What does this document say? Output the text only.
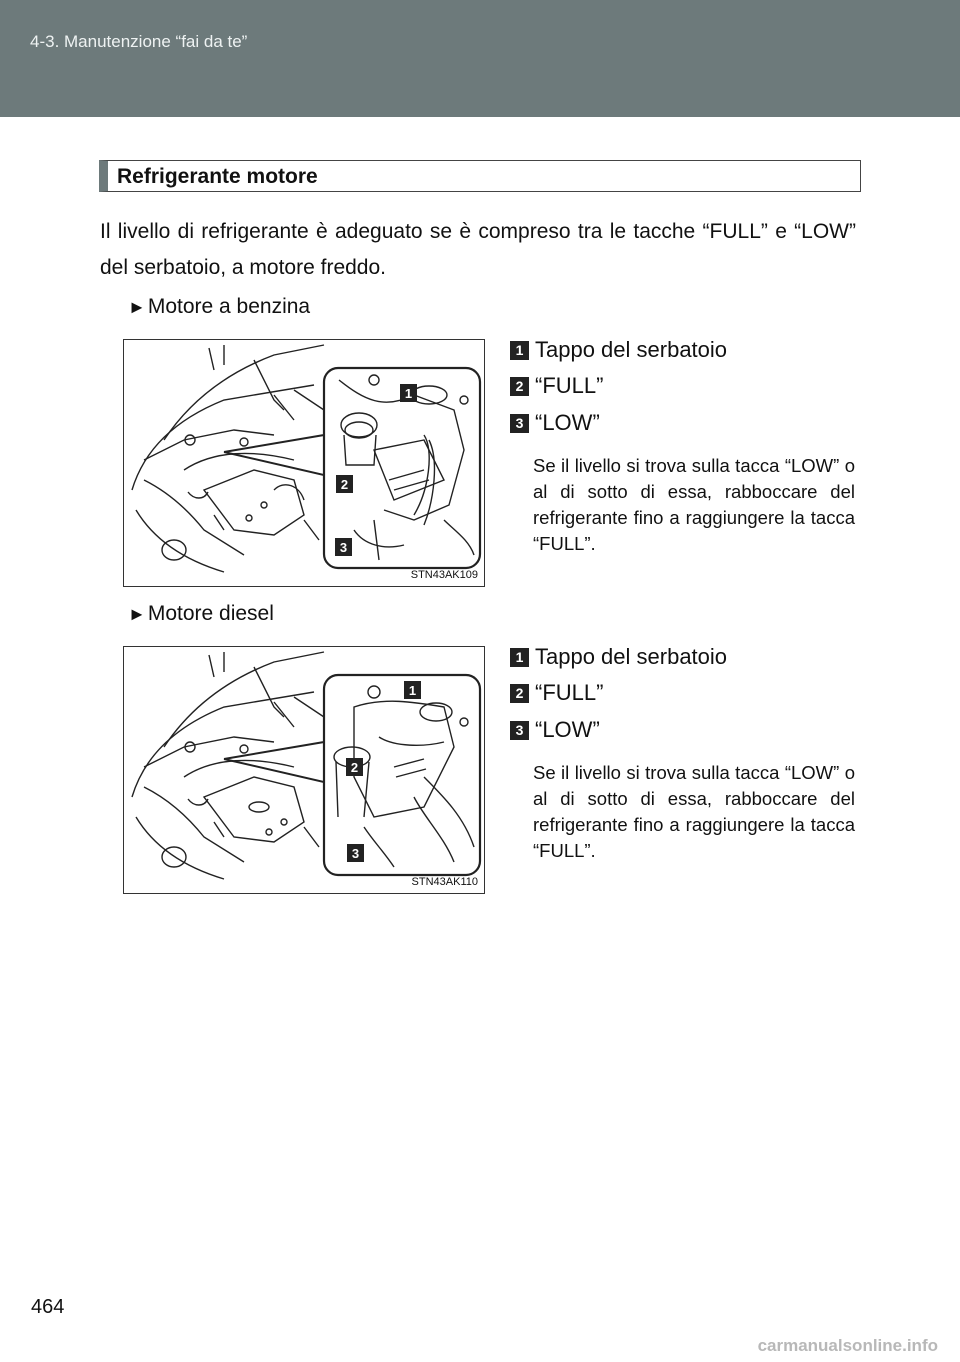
4-3. Manutenzione “fai da te”
Refrigerante motore
Il livello di refrigerante è adeguato se è compreso tra le tacche “FULL” e “LOW” del serbatoio, a motore freddo.
►Motore a benzina
1
2
3
STN43AK109
1 Tappo del serbatoio
2 “FULL”
3 “LOW”
Se il livello si trova sulla tacca “LOW” o al di sotto di essa, rabboccare del refrigerante fino a raggiungere la tacca “FULL”.
►Motore diesel
1
2
3
STN43AK110
1 Tappo del serbatoio
2 “FULL”
3 “LOW”
Se il livello si trova sulla tacca “LOW” o al di sotto di essa, rabboccare del refrigerante fino a raggiungere la tacca “FULL”.
464
carmanualsonline.info
